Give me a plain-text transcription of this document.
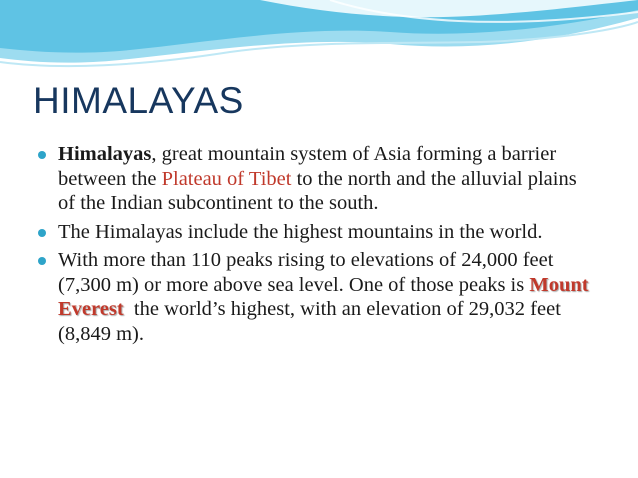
HIMALAYAS
Himalayas, great mountain system of Asia forming a barrier between the Plateau of Tibet to the north and the alluvial plains of the Indian subcontinent to the south.
The Himalayas include the highest mountains in the world.
With more than 110 peaks rising to elevations of 24,000 feet (7,300 m) or more above sea level. One of those peaks is Mount Everest  the world’s highest, with an elevation of 29,032 feet (8,849 m).
